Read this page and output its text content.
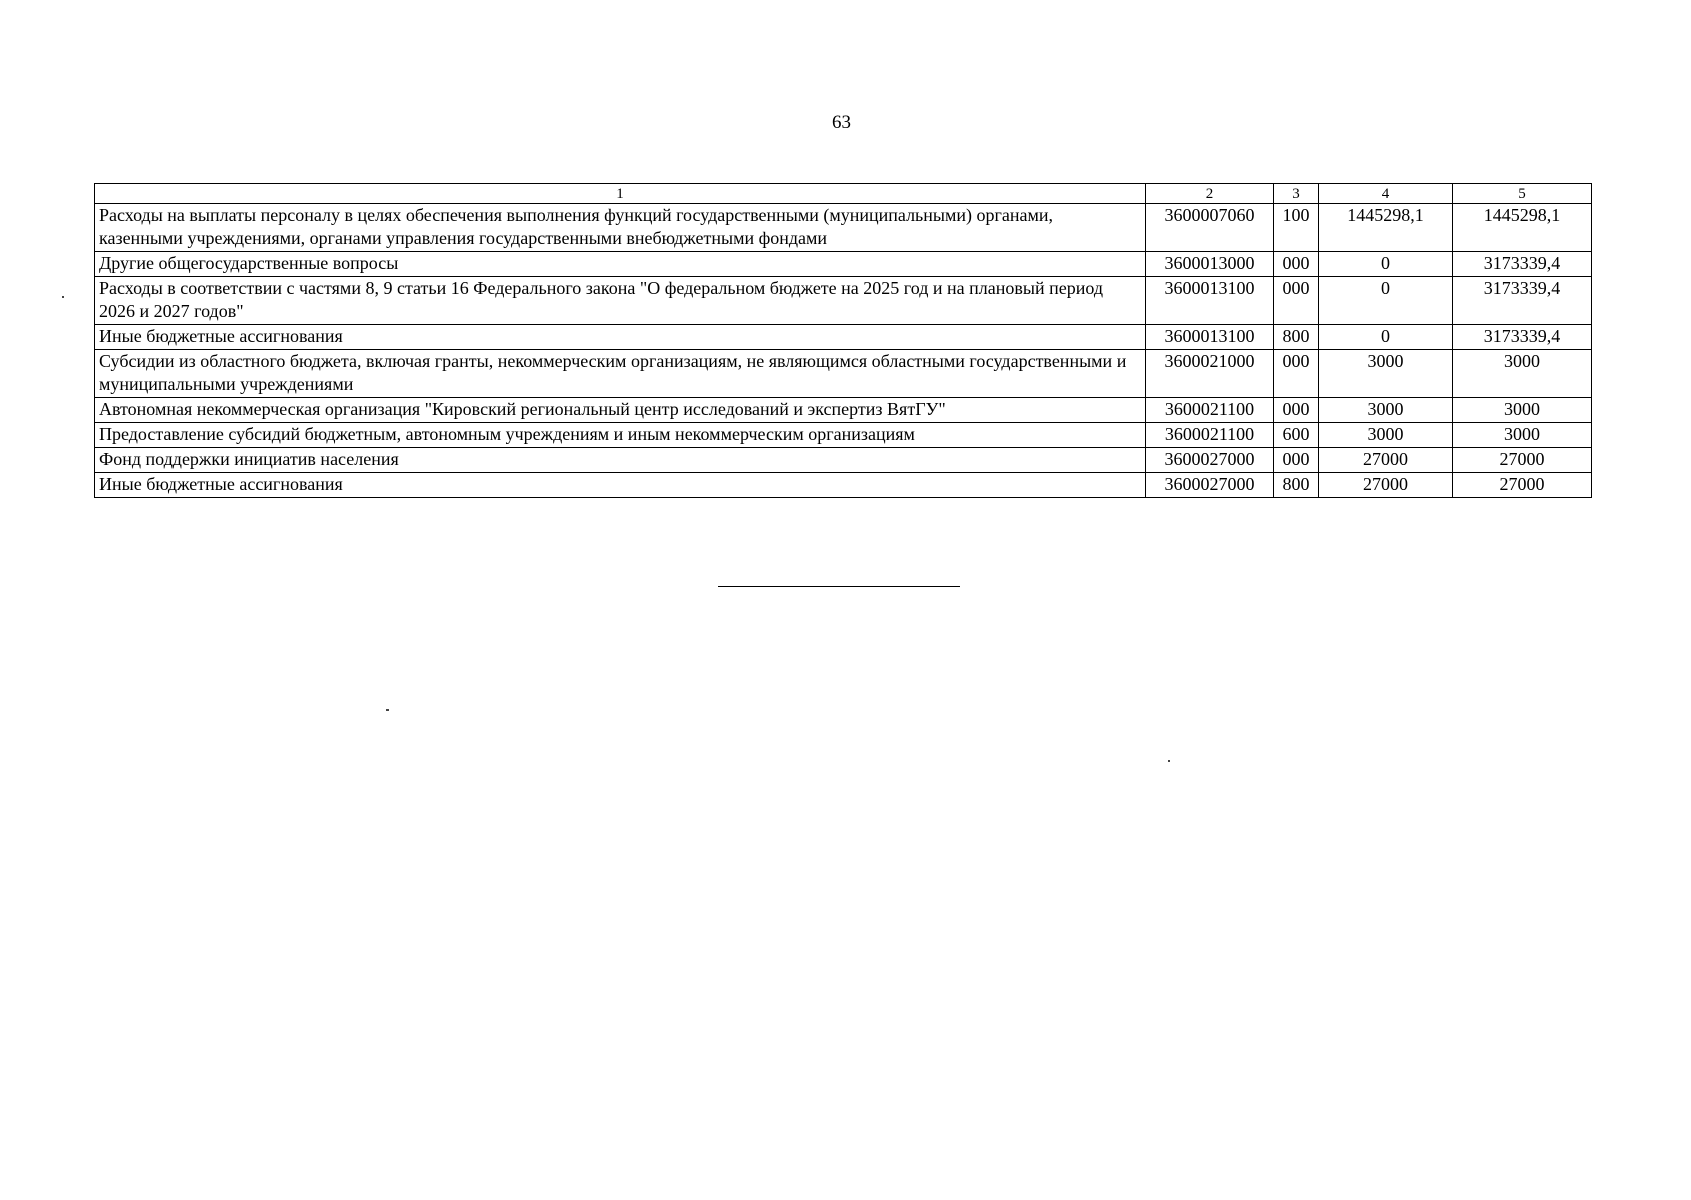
63
1	2	3	4	5
Расходы на выплаты персоналу в целях обеспечения выполнения функций государственными (муниципальными) органами, казенными учреждениями, органами управления государственными внебюджетными фондами	3600007060	100	1445298,1	1445298,1
Другие общегосударственные вопросы	3600013000	000	0	3173339,4
Расходы в соответствии с частями 8, 9 статьи 16 Федерального закона "О федеральном бюджете на 2025 год и на плановый период 2026 и 2027 годов"	3600013100	000	0	3173339,4
Иные бюджетные ассигнования	3600013100	800	0	3173339,4
Субсидии из областного бюджета, включая гранты, некоммерческим организациям, не являющимся областными государственными и муниципальными учреждениями	3600021000	000	3000	3000
Автономная некоммерческая организация "Кировский региональный центр исследований и экспертиз ВятГУ"	3600021100	000	3000	3000
Предоставление субсидий бюджетным, автономным учреждениям и иным некоммерческим организациям	3600021100	600	3000	3000
Фонд поддержки инициатив населения	3600027000	000	27000	27000
Иные бюджетные ассигнования	3600027000	800	27000	27000
